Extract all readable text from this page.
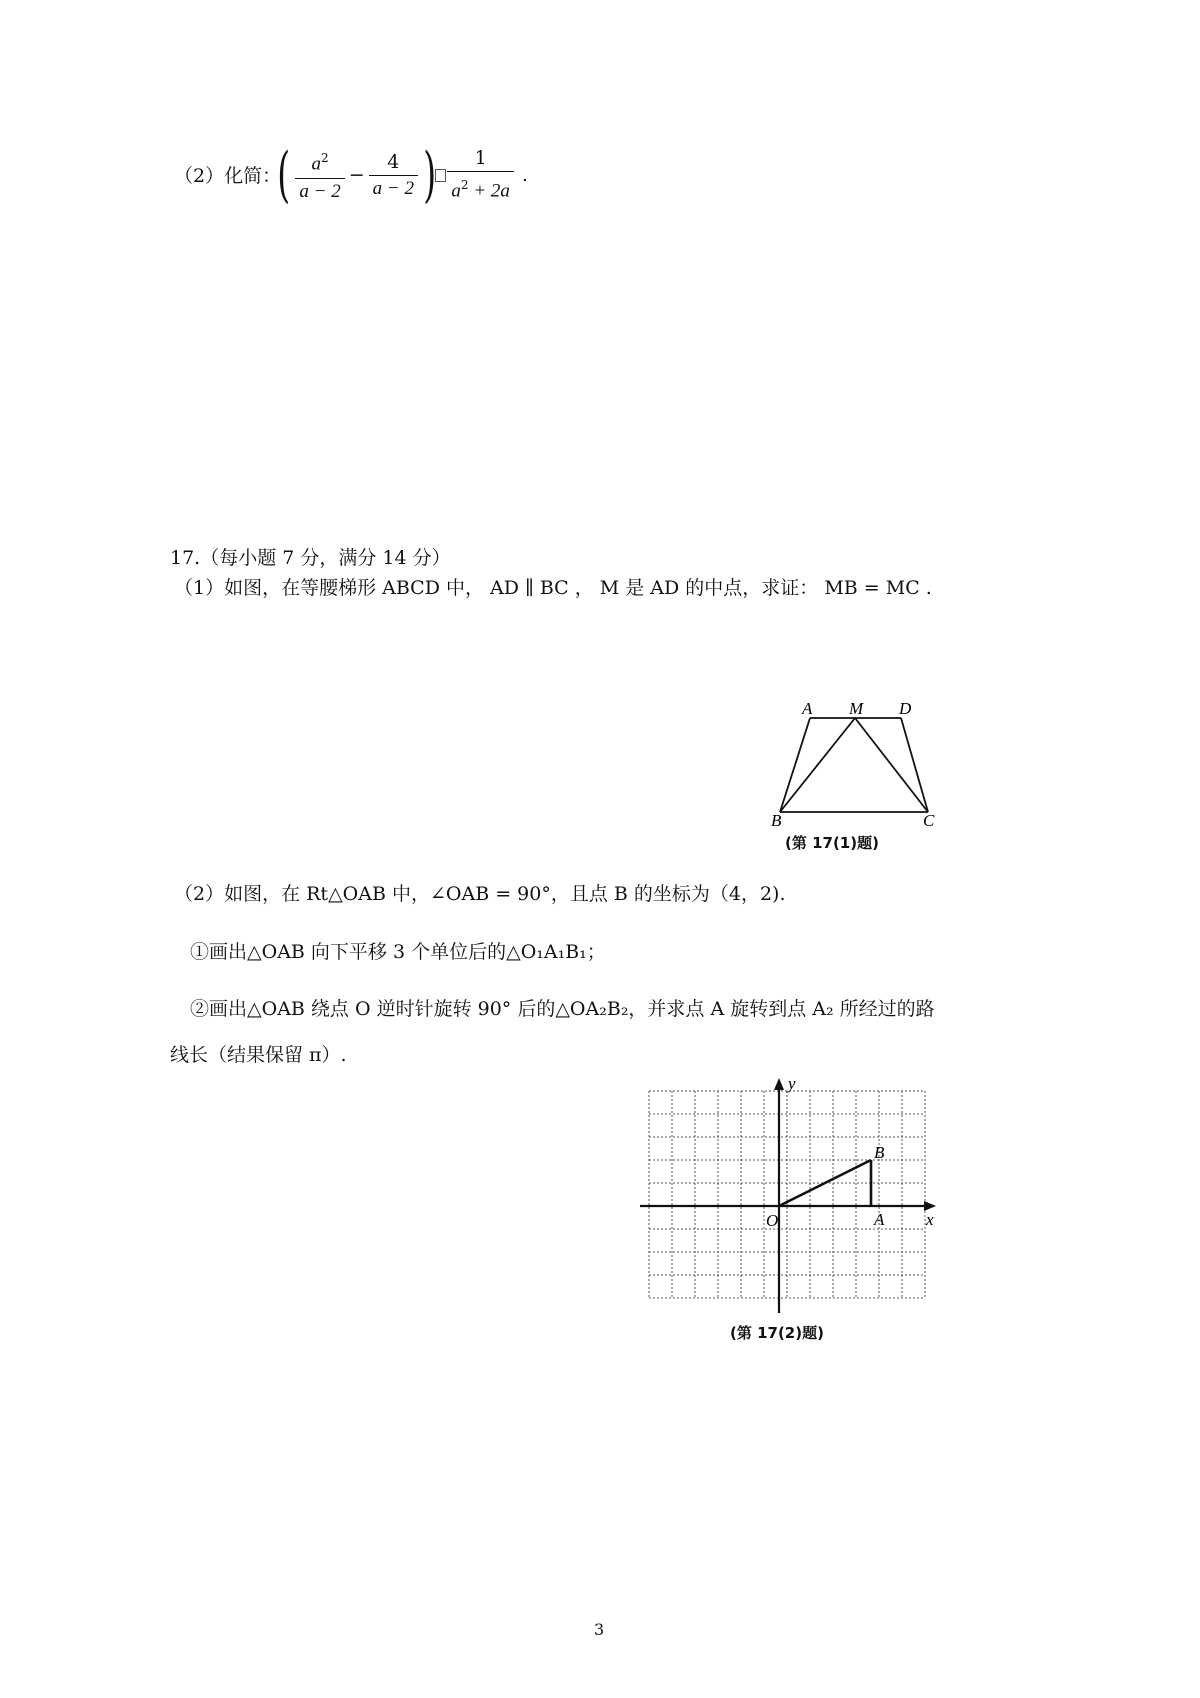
（2）化简：
( $\frac{a^2}{a - 2} - \frac{4}{a - 2}$ ) $\frac{1}{a^2 + 2a}$ .
17.（每小题 7 分，满分 14 分）
（1）如图，在等腰梯形 ABCD 中， AD ∥ BC ， M 是 AD 的中点，求证： MB = MC .
A M D
B	C
(第 17(1)题)
（2）如图，在 Rt△OAB 中，∠OAB = 90°，且点 B 的坐标为（4，2).
①画出△OAB 向下平移 3 个单位后的△O₁A₁B₁；
②画出△OAB 绕点 O 逆时针旋转 90° 后的△OA₂B₂，并求点 A 旋转到点 A₂ 所经过的路
线长（结果保留 π）.
y
x
O	A
B
(第 17(2)题)
3
